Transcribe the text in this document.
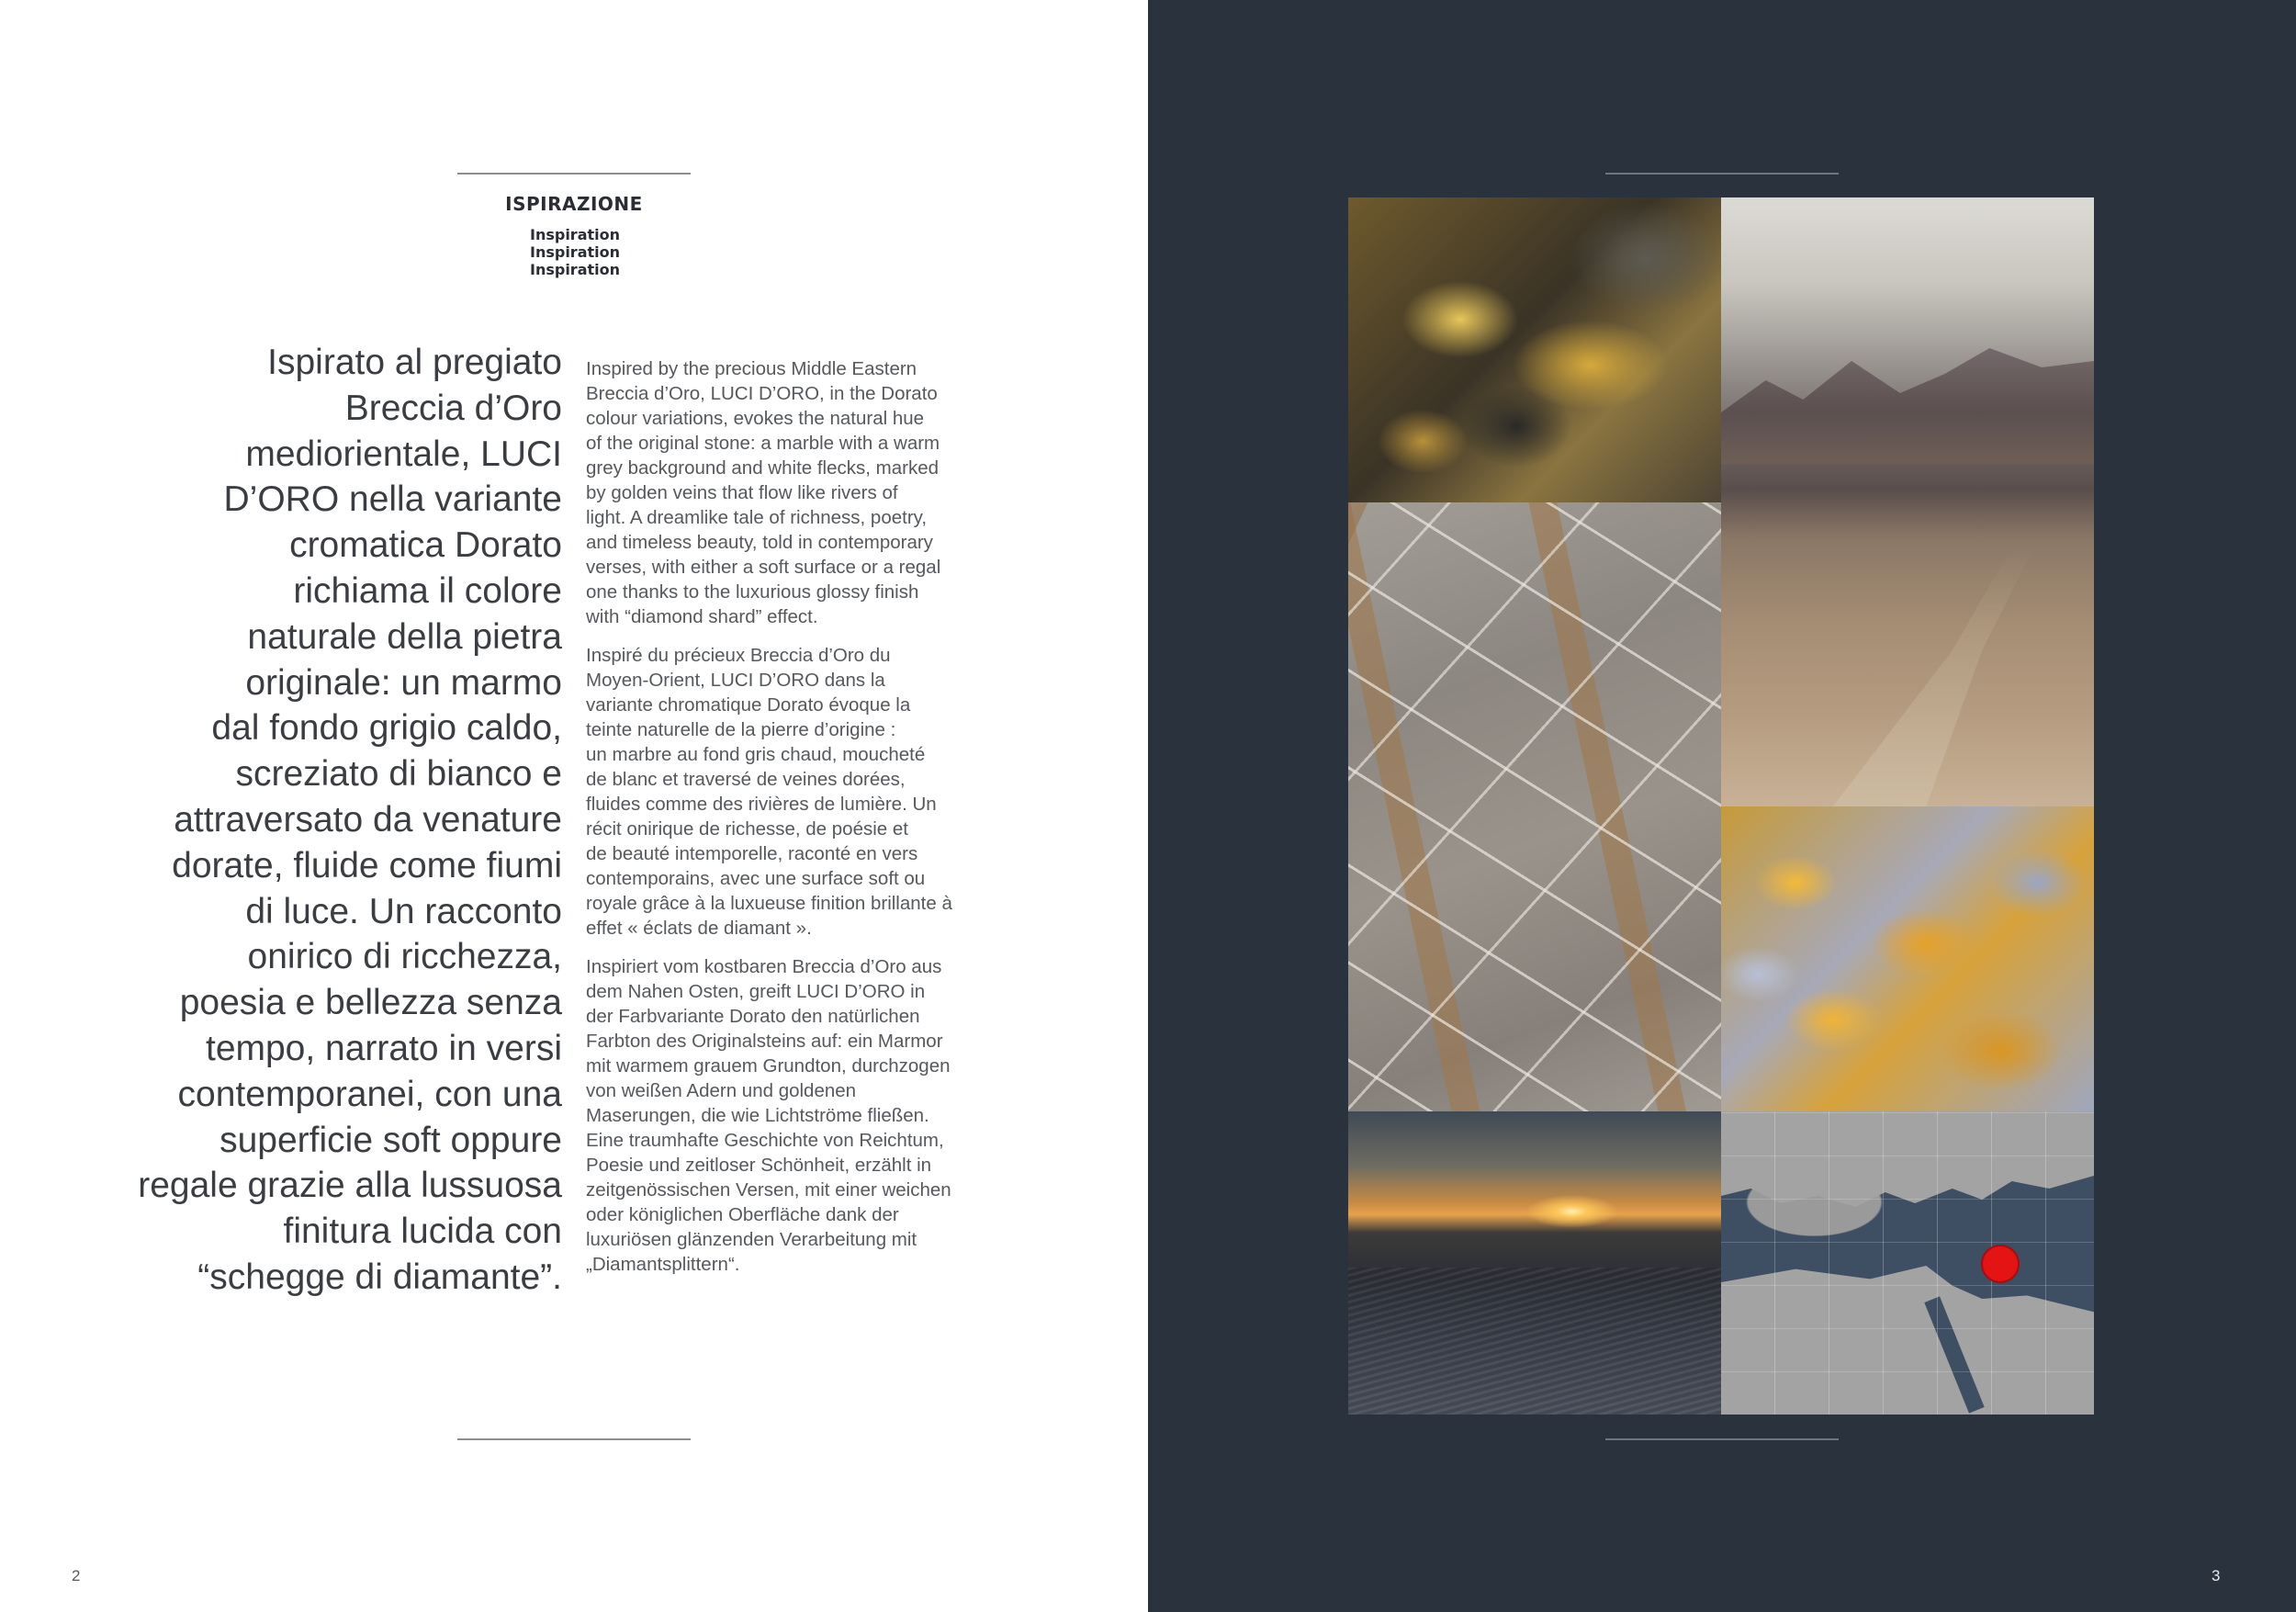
ISPIRAZIONE
Inspiration
Inspiration
Inspiration
Ispirato al pregiato
Breccia d’Oro
mediorientale, LUCI
D’ORO nella variante
cromatica Dorato
richiama il colore
naturale della pietra
originale: un marmo
dal fondo grigio caldo,
screziato di bianco e
attraversato da venature
dorate, fluide come fiumi
di luce. Un racconto
onirico di ricchezza,
poesia e bellezza senza
tempo, narrato in versi
contemporanei, con una
superficie soft oppure
regale grazie alla lussuosa
finitura lucida con
“schegge di diamante”.

Inspired by the precious Middle Eastern

Breccia d’Oro, LUCI D’ORO, in the Dorato

colour variations, evokes the natural hue

of the original stone: a marble with a warm

grey background and white flecks, marked

by golden veins that flow like rivers of

light. A dreamlike tale of richness, poetry,

and timeless beauty, told in contemporary

verses, with either a soft surface or a regal

one thanks to the luxurious glossy finish

with “diamond shard” effect.

Inspiré du précieux Breccia d’Oro du

Moyen-Orient, LUCI D’ORO dans la

variante chromatique Dorato évoque la

teinte naturelle de la pierre d’origine :

un marbre au fond gris chaud, moucheté

de blanc et traversé de veines dorées,

fluides comme des rivières de lumière. Un

récit onirique de richesse, de poésie et

de beauté intemporelle, raconté en vers

contemporains, avec une surface soft ou

royale grâce à la luxueuse finition brillante à

effet « éclats de diamant ».

Inspiriert vom kostbaren Breccia d’Oro aus

dem Nahen Osten, greift LUCI D’ORO in

der Farbvariante Dorato den natürlichen

Farbton des Originalsteins auf: ein Marmor

mit warmem grauem Grundton, durchzogen

von weißen Adern und goldenen

Maserungen, die wie Lichtströme fließen.

Eine traumhafte Geschichte von Reichtum,

Poesie und zeitloser Schönheit, erzählt in

zeitgenössischen Versen, mit einer weichen

oder königlichen Oberfläche dank der

luxuriösen glänzenden Verarbeitung mit

„Diamantsplittern“.

2	3
